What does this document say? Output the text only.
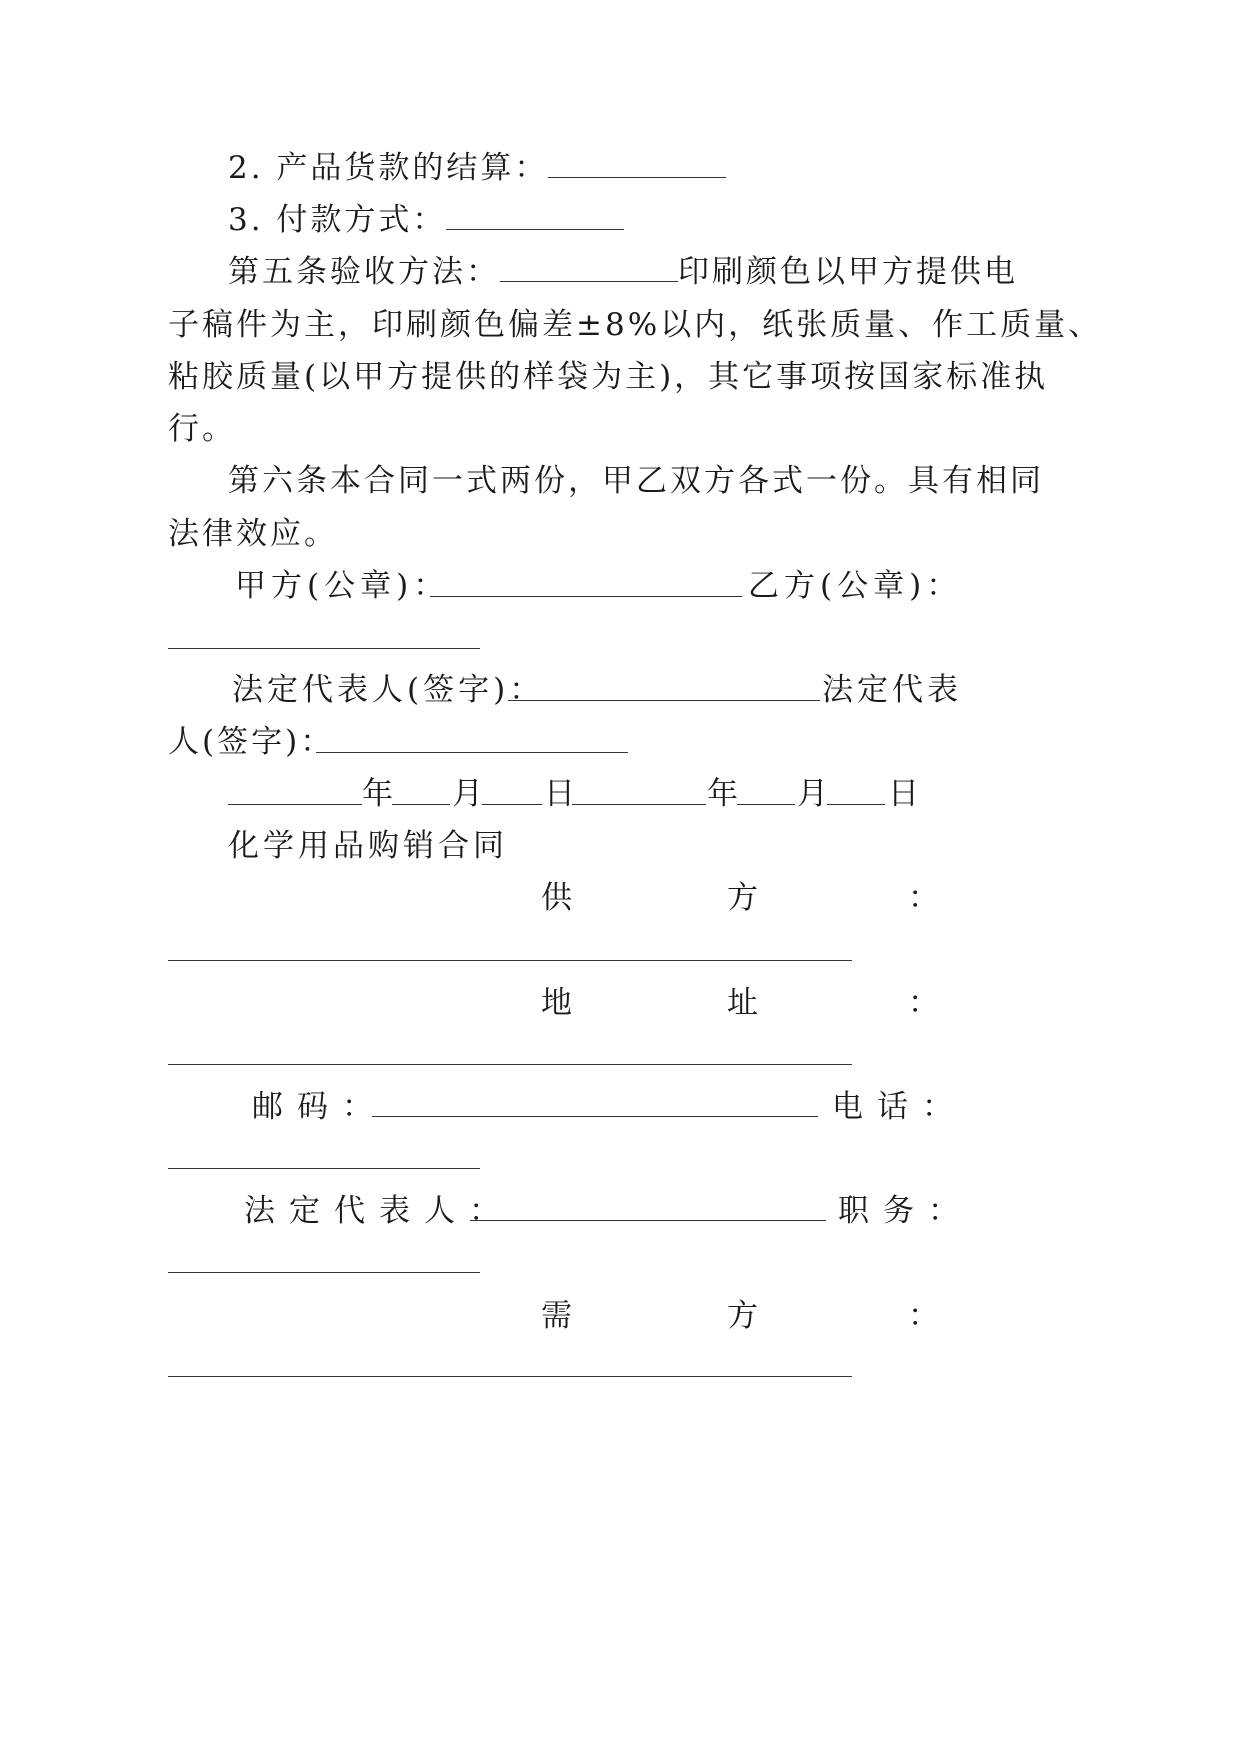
2. 产品货款的结算：
3. 付款方式：
第五条验收方法：	印刷颜色以甲方提供电
子稿件为主，印刷颜色偏差±8%以内，纸张质量、作工质量、
粘胶质量(以甲方提供的样袋为主)，其它事项按国家标准执
行。
第六条本合同一式两份，甲乙双方各式一份。具有相同
法律效应。
甲方(公章)：	乙方(公章)：
法定代表人(签字)：	法定代表
人(签字)：
年 月 日	年 月 日
化学用品购销合同
供	方	：
地	址	：
邮码：	电话：
法定代表人：	职务：
需	方	：
